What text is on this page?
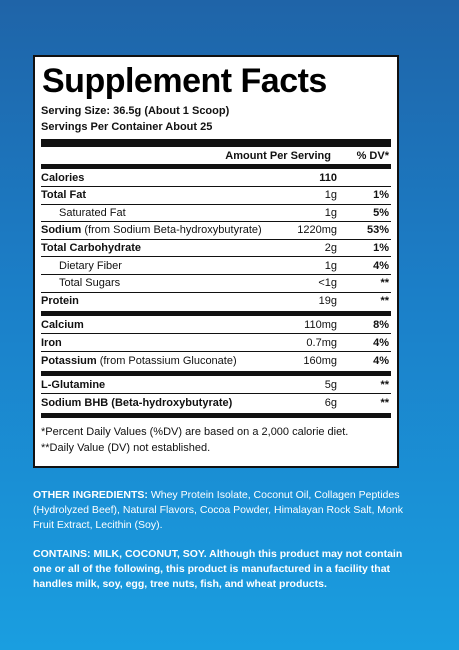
Supplement Facts
Serving Size: 36.5g (About 1 Scoop)
Servings Per Container About 25
Amount Per Serving	% DV*
Calories	110
Total Fat	1g	1%
Saturated Fat	1g	5%
Sodium (from Sodium Beta-hydroxybutyrate)	1220mg	53%
Total Carbohydrate	2g	1%
Dietary Fiber	1g	4%
Total Sugars	<1g	**
Protein	19g	**
Calcium	110mg	8%
Iron	0.7mg	4%
Potassium (from Potassium Gluconate)	160mg	4%
L-Glutamine	5g	**
Sodium BHB (Beta-hydroxybutyrate)	6g	**
*Percent Daily Values (%DV) are based on a 2,000 calorie diet.
**Daily Value (DV) not established.

OTHER INGREDIENTS: Whey Protein Isolate, Coconut Oil, Collagen Peptides (Hydrolyzed Beef), Natural Flavors, Cocoa Powder, Himalayan Rock Salt, Monk Fruit Extract, Lecithin (Soy).

CONTAINS: MILK, COCONUT, SOY. Although this product may not contain one or all of the following, this product is manufactured in a facility that handles milk, soy, egg, tree nuts, fish, and wheat products.
